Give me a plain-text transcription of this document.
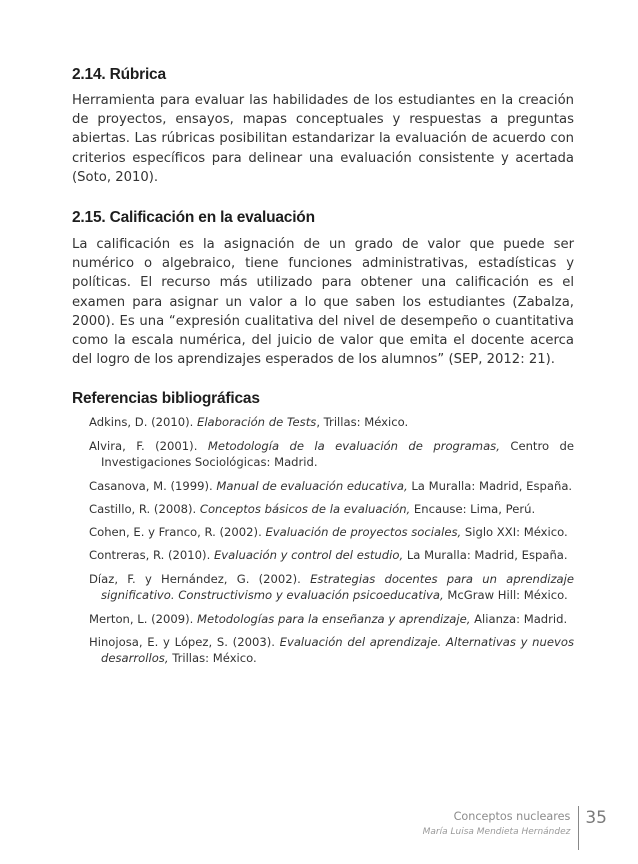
2.14. Rúbrica

Herramienta para evaluar las habilidades de los estudiantes en la creación de proyectos, ensayos, mapas conceptuales y respuestas a preguntas abiertas. Las rúbricas posibilitan estandarizar la evaluación de acuerdo con criterios específicos para delinear una evaluación consistente y acertada (Soto, 2010).

2.15. Calificación en la evaluación

La calificación es la asignación de un grado de valor que puede ser numérico o algebraico, tiene funciones administrativas, estadísticas y políticas. El recurso más utilizado para obtener una calificación es el examen para asignar un valor a lo que saben los estudiantes (Zabalza, 2000). Es una “expresión cualitativa del nivel de desempeño o cuantitativa como la escala numérica, del juicio de valor que emita el docente acerca del logro de los aprendizajes esperados de los alumnos” (SEP, 2012: 21).

Referencias bibliográficas
Adkins, D. (2010). Elaboración de Tests, Trillas: México.
Alvira, F. (2001). Metodología de la evaluación de programas, Centro de Investigaciones Sociológicas: Madrid.
Casanova, M. (1999). Manual de evaluación educativa, La Muralla: Madrid, España.
Castillo, R. (2008). Conceptos básicos de la evaluación, Encause: Lima, Perú.
Cohen, E. y Franco, R. (2002). Evaluación de proyectos sociales, Siglo XXI: México.
Contreras, R. (2010). Evaluación y control del estudio, La Muralla: Madrid, España.
Díaz, F. y Hernández, G. (2002). Estrategias docentes para un aprendizaje significativo. Constructivismo y evaluación psicoeducativa, McGraw Hill: México.
Merton, L. (2009). Metodologías para la enseñanza y aprendizaje, Alianza: Madrid.
Hinojosa, E. y López, S. (2003). Evaluación del aprendizaje. Alternativas y nuevos desarrollos, Trillas: México.
Conceptos nucleares
María Luisa Mendieta Hernández
35
